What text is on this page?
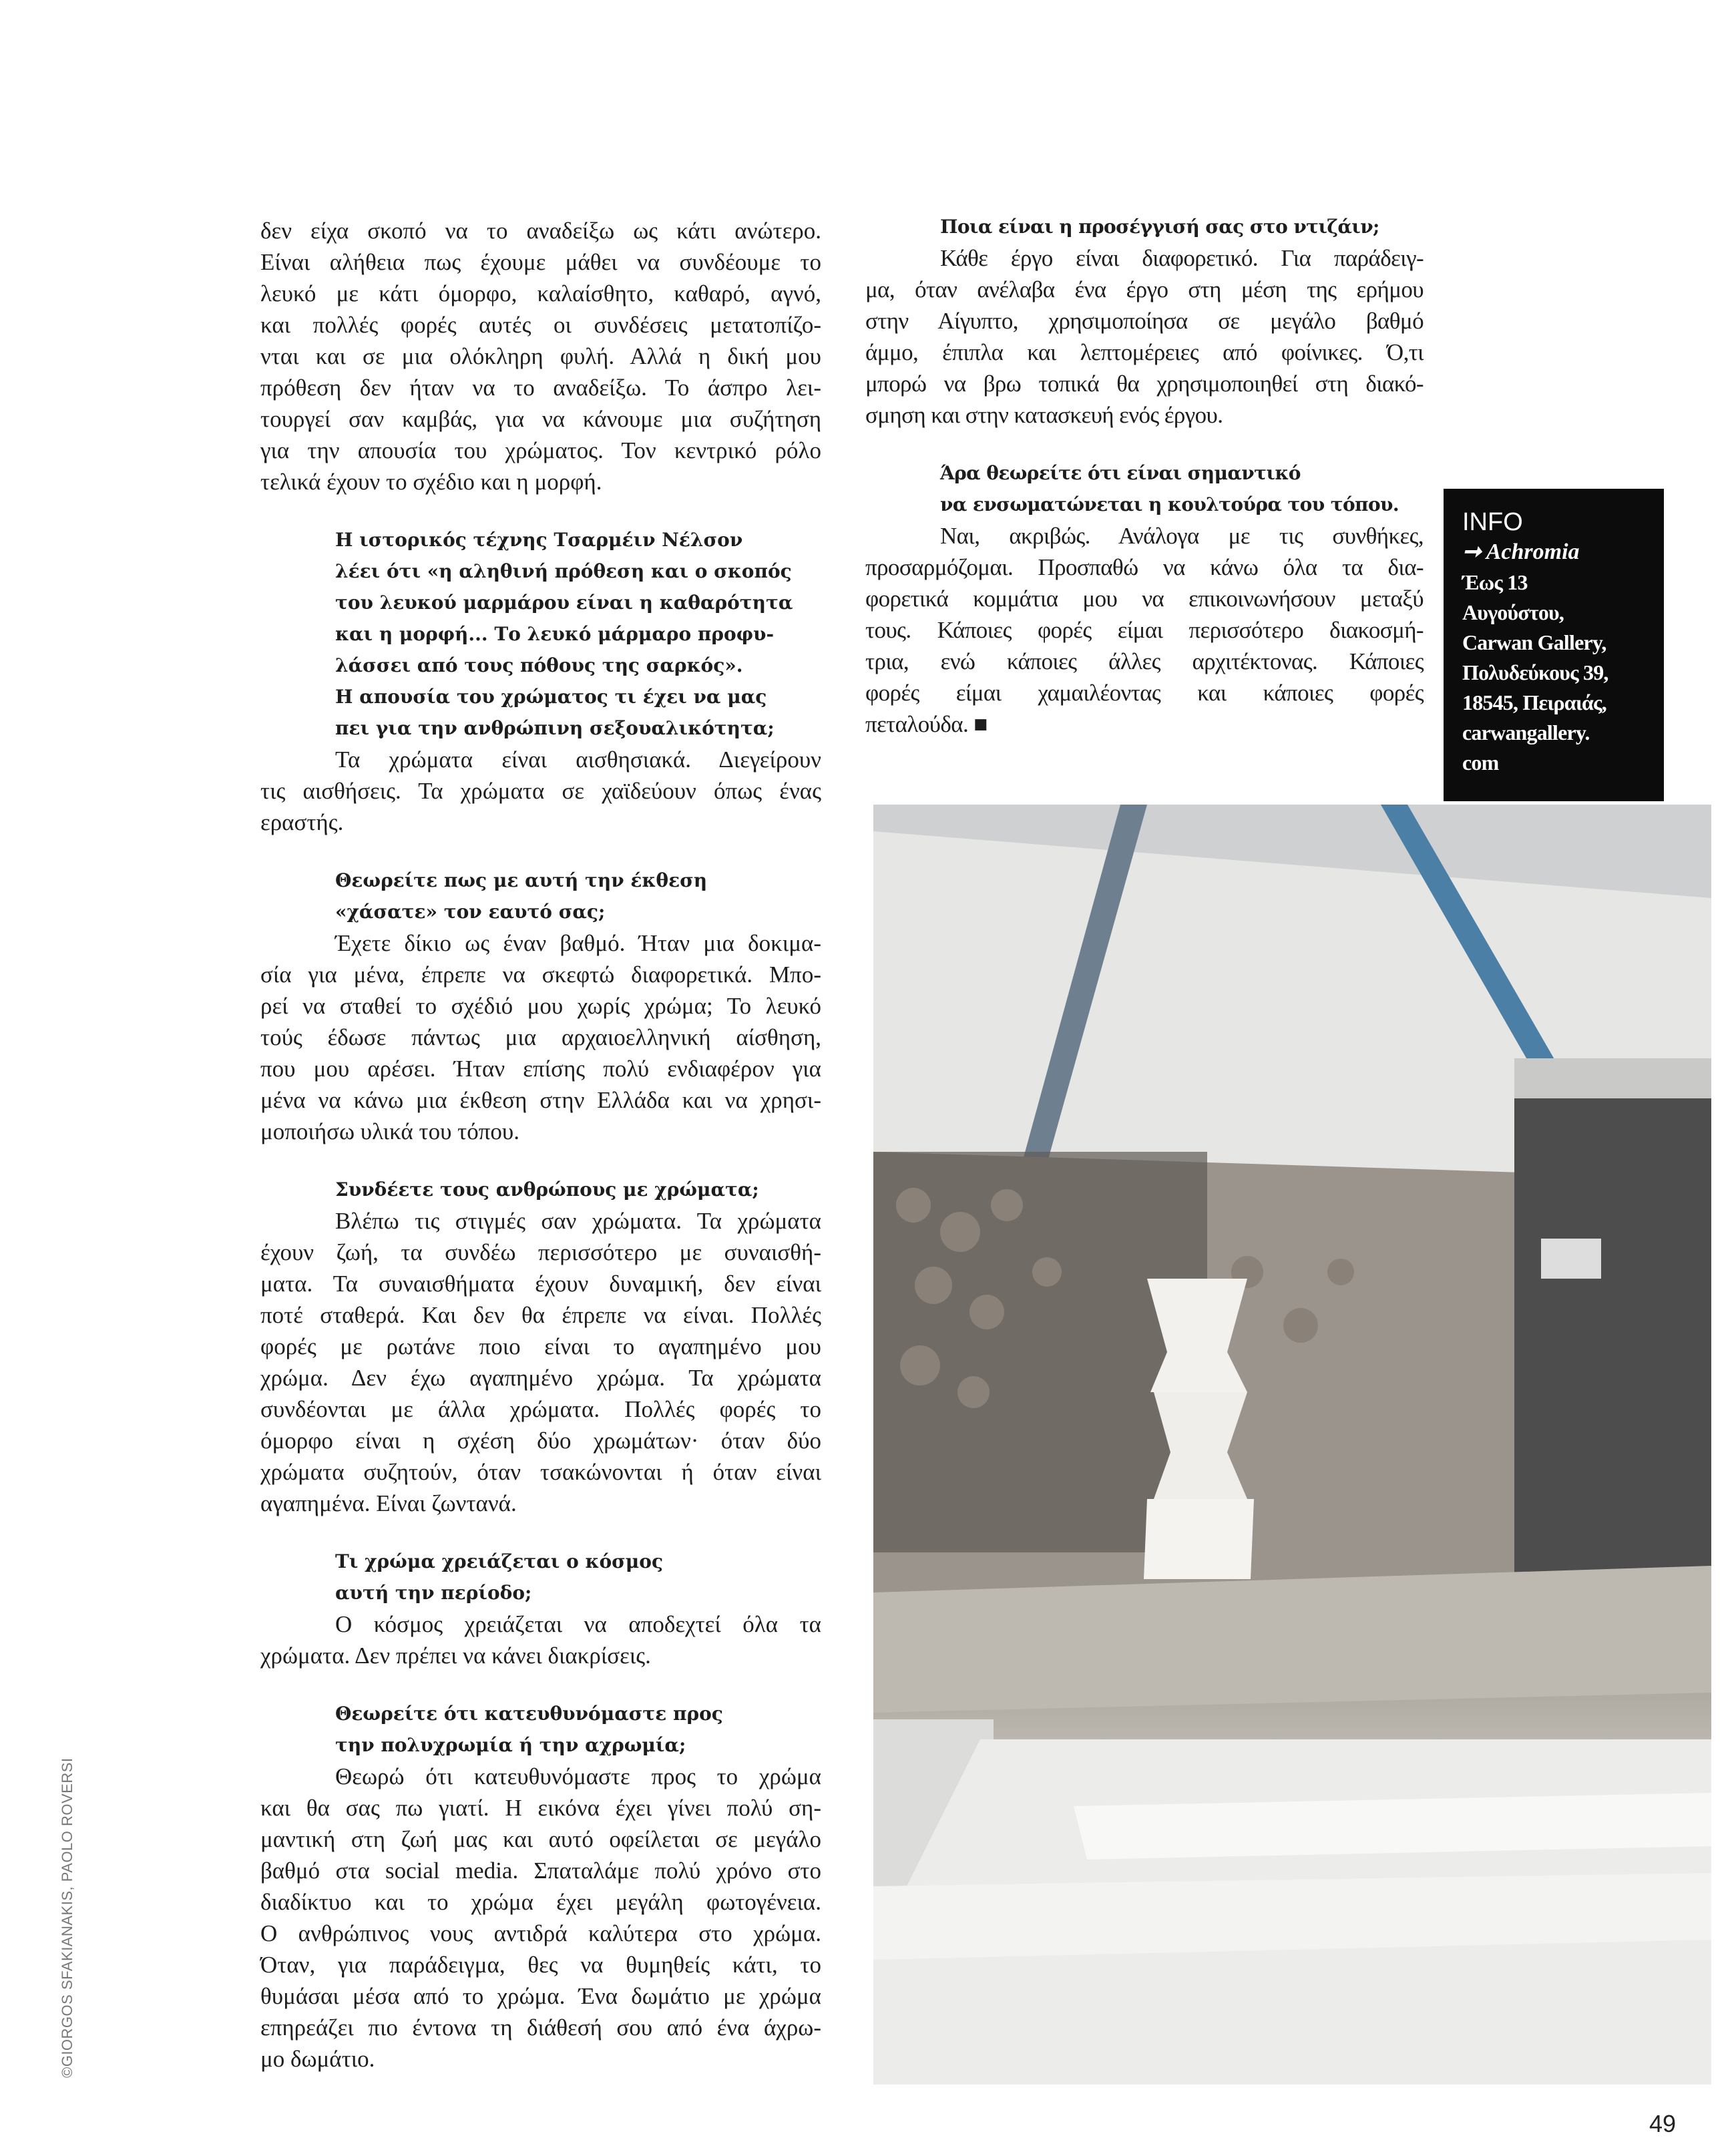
δεν είχα σκοπό να το αναδείξω ως κάτι ανώτερο.
Είναι αλήθεια πως έχουμε μάθει να συνδέουμε το
λευκό με κάτι όμορφο, καλαίσθητο, καθαρό, αγνό,
και πολλές φορές αυτές οι συνδέσεις μετατοπίζο-
νται και σε μια ολόκληρη φυλή. Αλλά η δική μου
πρόθεση δεν ήταν να το αναδείξω. Το άσπρο λει-
τουργεί σαν καμβάς, για να κάνουμε μια συζήτηση
για την απουσία του χρώματος. Τον κεντρικό ρόλο
τελικά έχουν το σχέδιο και η μορφή.
Η ιστορικός τέχνης Τσαρμέιν Νέλσον
λέει ότι «η αληθινή πρόθεση και ο σκοπός
του λευκού μαρμάρου είναι η καθαρότητα
και η μορφή... Το λευκό μάρμαρο προφυ-
λάσσει από τους πόθους της σαρκός».
Η απουσία του χρώματος τι έχει να μας
πει για την ανθρώπινη σεξουαλικότητα;
Τα χρώματα είναι αισθησιακά. Διεγείρουν
τις αισθήσεις. Τα χρώματα σε χαϊδεύουν όπως ένας
εραστής.
Θεωρείτε πως με αυτή την έκθεση
«χάσατε» τον εαυτό σας;
Έχετε δίκιο ως έναν βαθμό. Ήταν μια δοκιμα-
σία για μένα, έπρεπε να σκεφτώ διαφορετικά. Μπο-
ρεί να σταθεί το σχέδιό μου χωρίς χρώμα; Το λευκό
τούς έδωσε πάντως μια αρχαιοελληνική αίσθηση,
που μου αρέσει. Ήταν επίσης πολύ ενδιαφέρον για
μένα να κάνω μια έκθεση στην Ελλάδα και να χρησι-
μοποιήσω υλικά του τόπου.
Συνδέετε τους ανθρώπους με χρώματα;
Βλέπω τις στιγμές σαν χρώματα. Τα χρώματα
έχουν ζωή, τα συνδέω περισσότερο με συναισθή-
ματα. Τα συναισθήματα έχουν δυναμική, δεν είναι
ποτέ σταθερά. Και δεν θα έπρεπε να είναι. Πολλές
φορές με ρωτάνε ποιο είναι το αγαπημένο μου
χρώμα. Δεν έχω αγαπημένο χρώμα. Τα χρώματα
συνδέονται με άλλα χρώματα. Πολλές φορές το
όμορφο είναι η σχέση δύο χρωμάτων· όταν δύο
χρώματα συζητούν, όταν τσακώνονται ή όταν είναι
αγαπημένα. Είναι ζωντανά.
Τι χρώμα χρειάζεται ο κόσμος
αυτή την περίοδο;
Ο κόσμος χρειάζεται να αποδεχτεί όλα τα
χρώματα. Δεν πρέπει να κάνει διακρίσεις.
Θεωρείτε ότι κατευθυνόμαστε προς
την πολυχρωμία ή την αχρωμία;
Θεωρώ ότι κατευθυνόμαστε προς το χρώμα
και θα σας πω γιατί. Η εικόνα έχει γίνει πολύ ση-
μαντική στη ζωή μας και αυτό οφείλεται σε μεγάλο
βαθμό στα social media. Σπαταλάμε πολύ χρόνο στο
διαδίκτυο και το χρώμα έχει μεγάλη φωτογένεια.
Ο ανθρώπινος νους αντιδρά καλύτερα στο χρώμα.
Όταν, για παράδειγμα, θες να θυμηθείς κάτι, το
θυμάσαι μέσα από το χρώμα. Ένα δωμάτιο με χρώμα
επηρεάζει πιο έντονα τη διάθεσή σου από ένα άχρω-
μο δωμάτιο.
Ποια είναι η προσέγγισή σας στο ντιζάιν;
Κάθε έργο είναι διαφορετικό. Για παράδειγ-
μα, όταν ανέλαβα ένα έργο στη μέση της ερήμου
στην Αίγυπτο, χρησιμοποίησα σε μεγάλο βαθμό
άμμο, έπιπλα και λεπτομέρειες από φοίνικες. Ό,τι
μπορώ να βρω τοπικά θα χρησιμοποιηθεί στη διακό-
σμηση και στην κατασκευή ενός έργου.
Άρα θεωρείτε ότι είναι σημαντικό
να ενσωματώνεται η κουλτούρα του τόπου.
Ναι, ακριβώς. Ανάλογα με τις συνθήκες,
προσαρμόζομαι. Προσπαθώ να κάνω όλα τα δια-
φορετικά κομμάτια μου να επικοινωνήσουν μεταξύ
τους. Κάποιες φορές είμαι περισσότερο διακοσμή-
τρια, ενώ κάποιες άλλες αρχιτέκτονας. Κάποιες
φορές είμαι χαμαιλέοντας και κάποιες φορές
πεταλούδα. ■
INFO
➞ Achromia
Έως 13
Αυγούστου,
Carwan Gallery,
Πολυδεύκους 39,
18545, Πειραιάς,
carwangallery.
com
©GIORGOS SFAKIANAKIS, PAOLO ROVERSI
49
